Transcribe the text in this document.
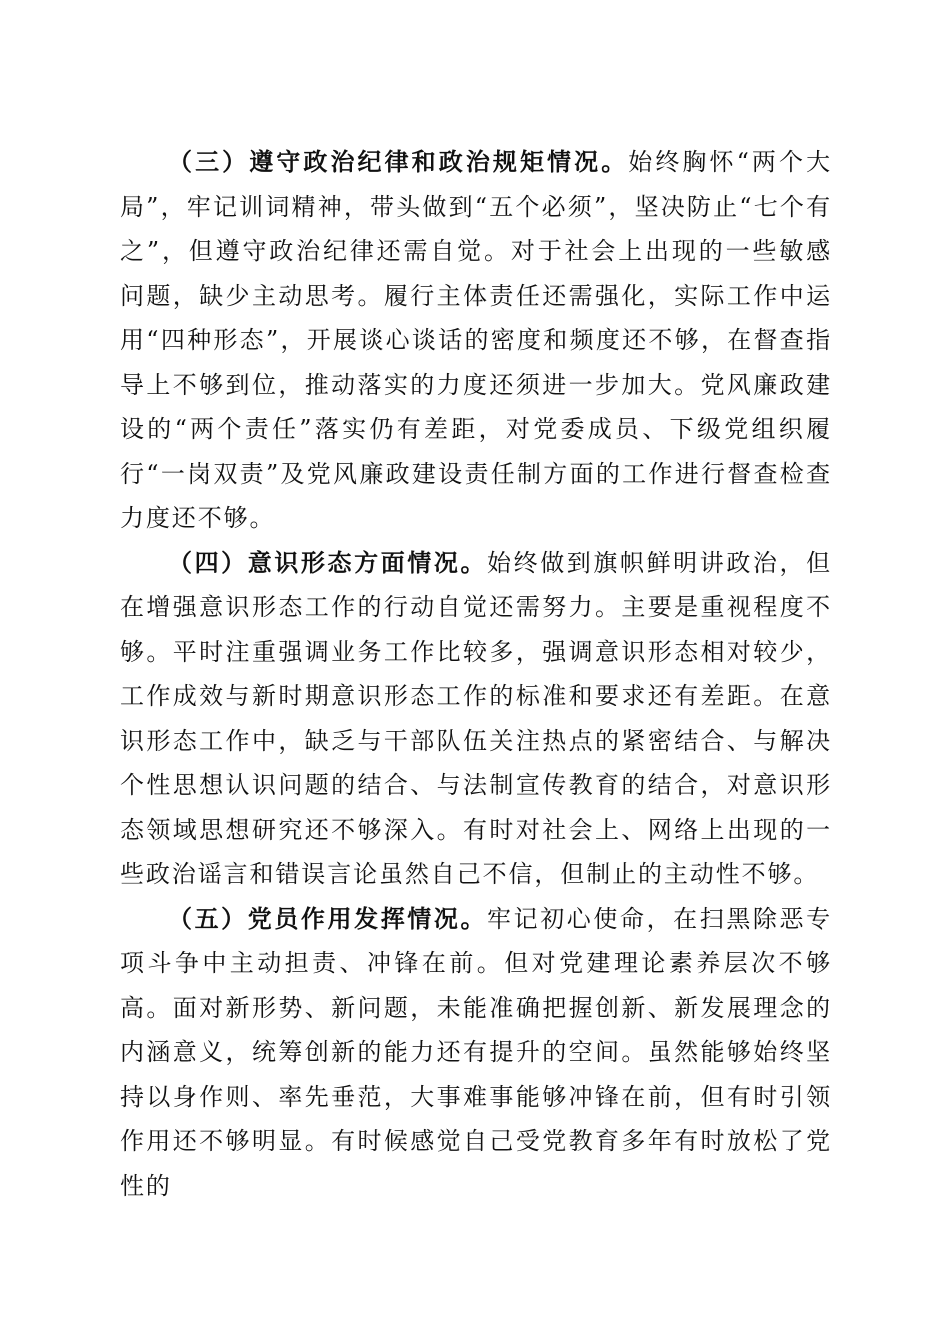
（三）遵守政治纪律和政治规矩情况。始终胸怀“两个大局”，牢记训词精神，带头做到“五个必须”，坚决防止“七个有之”，但遵守政治纪律还需自觉。对于社会上出现的一些敏感问题，缺少主动思考。履行主体责任还需强化，实际工作中运用“四种形态”，开展谈心谈话的密度和频度还不够，在督查指导上不够到位，推动落实的力度还须进一步加大。党风廉政建设的“两个责任”落实仍有差距，对党委成员、下级党组织履行“一岗双责”及党风廉政建设责任制方面的工作进行督查检查力度还不够。

（四）意识形态方面情况。始终做到旗帜鲜明讲政治，但在增强意识形态工作的行动自觉还需努力。主要是重视程度不够。平时注重强调业务工作比较多，强调意识形态相对较少，工作成效与新时期意识形态工作的标准和要求还有差距。在意识形态工作中，缺乏与干部队伍关注热点的紧密结合、与解决个性思想认识问题的结合、与法制宣传教育的结合，对意识形态领域思想研究还不够深入。有时对社会上、网络上出现的一些政治谣言和错误言论虽然自己不信，但制止的主动性不够。

（五）党员作用发挥情况。牢记初心使命，在扫黑除恶专项斗争中主动担责、冲锋在前。但对党建理论素养层次不够高。面对新形势、新问题，未能准确把握创新、新发展理念的内涵意义，统筹创新的能力还有提升的空间。虽然能够始终坚持以身作则、率先垂范，大事难事能够冲锋在前，但有时引领作用还不够明显。有时候感觉自己受党教育多年有时放松了党性的
